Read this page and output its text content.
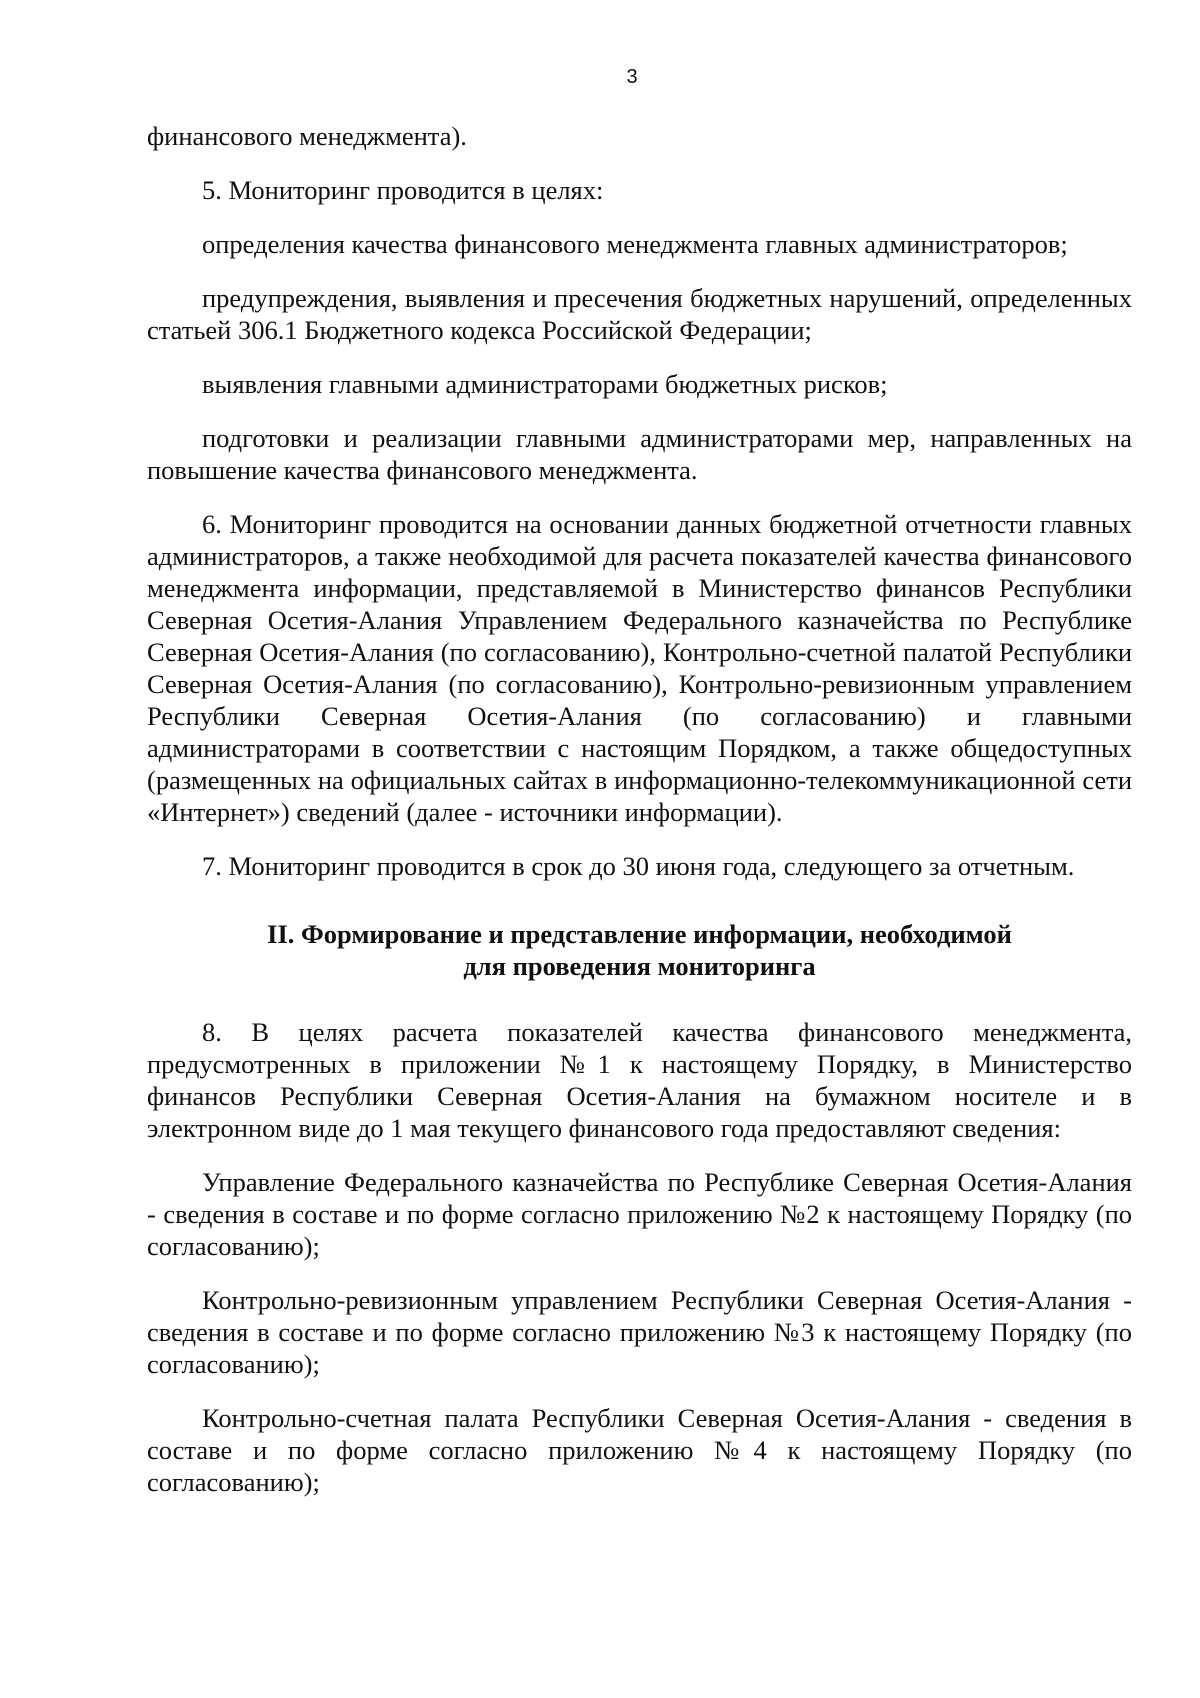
3

финансового менеджмента).

5. Мониторинг проводится в целях:

определения качества финансового менеджмента главных администраторов;

предупреждения, выявления и пресечения бюджетных нарушений, определенных статьей 306.1 Бюджетного кодекса Российской Федерации;

выявления главными администраторами бюджетных рисков;

подготовки и реализации главными администраторами мер, направленных на повышение качества финансового менеджмента.

6. Мониторинг проводится на основании данных бюджетной отчетности главных администраторов, а также необходимой для расчета показателей качества финансового менеджмента информации, представляемой в Министерство финансов Республики Северная Осетия-Алания Управлением Федерального казначейства по Республике Северная Осетия-Алания (по согласованию), Контрольно-счетной палатой Республики Северная Осетия-Алания (по согласованию), Контрольно-ревизионным управлением Республики Северная Осетия-Алания (по согласованию) и главными администраторами в соответствии с настоящим Порядком, а также общедоступных (размещенных на официальных сайтах в информационно-телекоммуникационной сети «Интернет») сведений (далее - источники информации).

7. Мониторинг проводится в срок до 30 июня года, следующего за отчетным.

II. Формирование и представление информации, необходимой
для проведения мониторинга

8. В целях расчета показателей качества финансового менеджмента, предусмотренных в приложении №1 к настоящему Порядку, в Министерство финансов Республики Северная Осетия-Алания на бумажном носителе и в электронном виде до 1 мая текущего финансового года предоставляют сведения:

Управление Федерального казначейства по Республике Северная Осетия-Алания - сведения в составе и по форме согласно приложению №2 к настоящему Порядку (по согласованию);

Контрольно-ревизионным управлением Республики Северная Осетия-Алания - сведения в составе и по форме согласно приложению №3 к настоящему Порядку (по согласованию);

Контрольно-счетная палата Республики Северная Осетия-Алания - сведения в составе и по форме согласно приложению №4 к настоящему Порядку (по согласованию);
